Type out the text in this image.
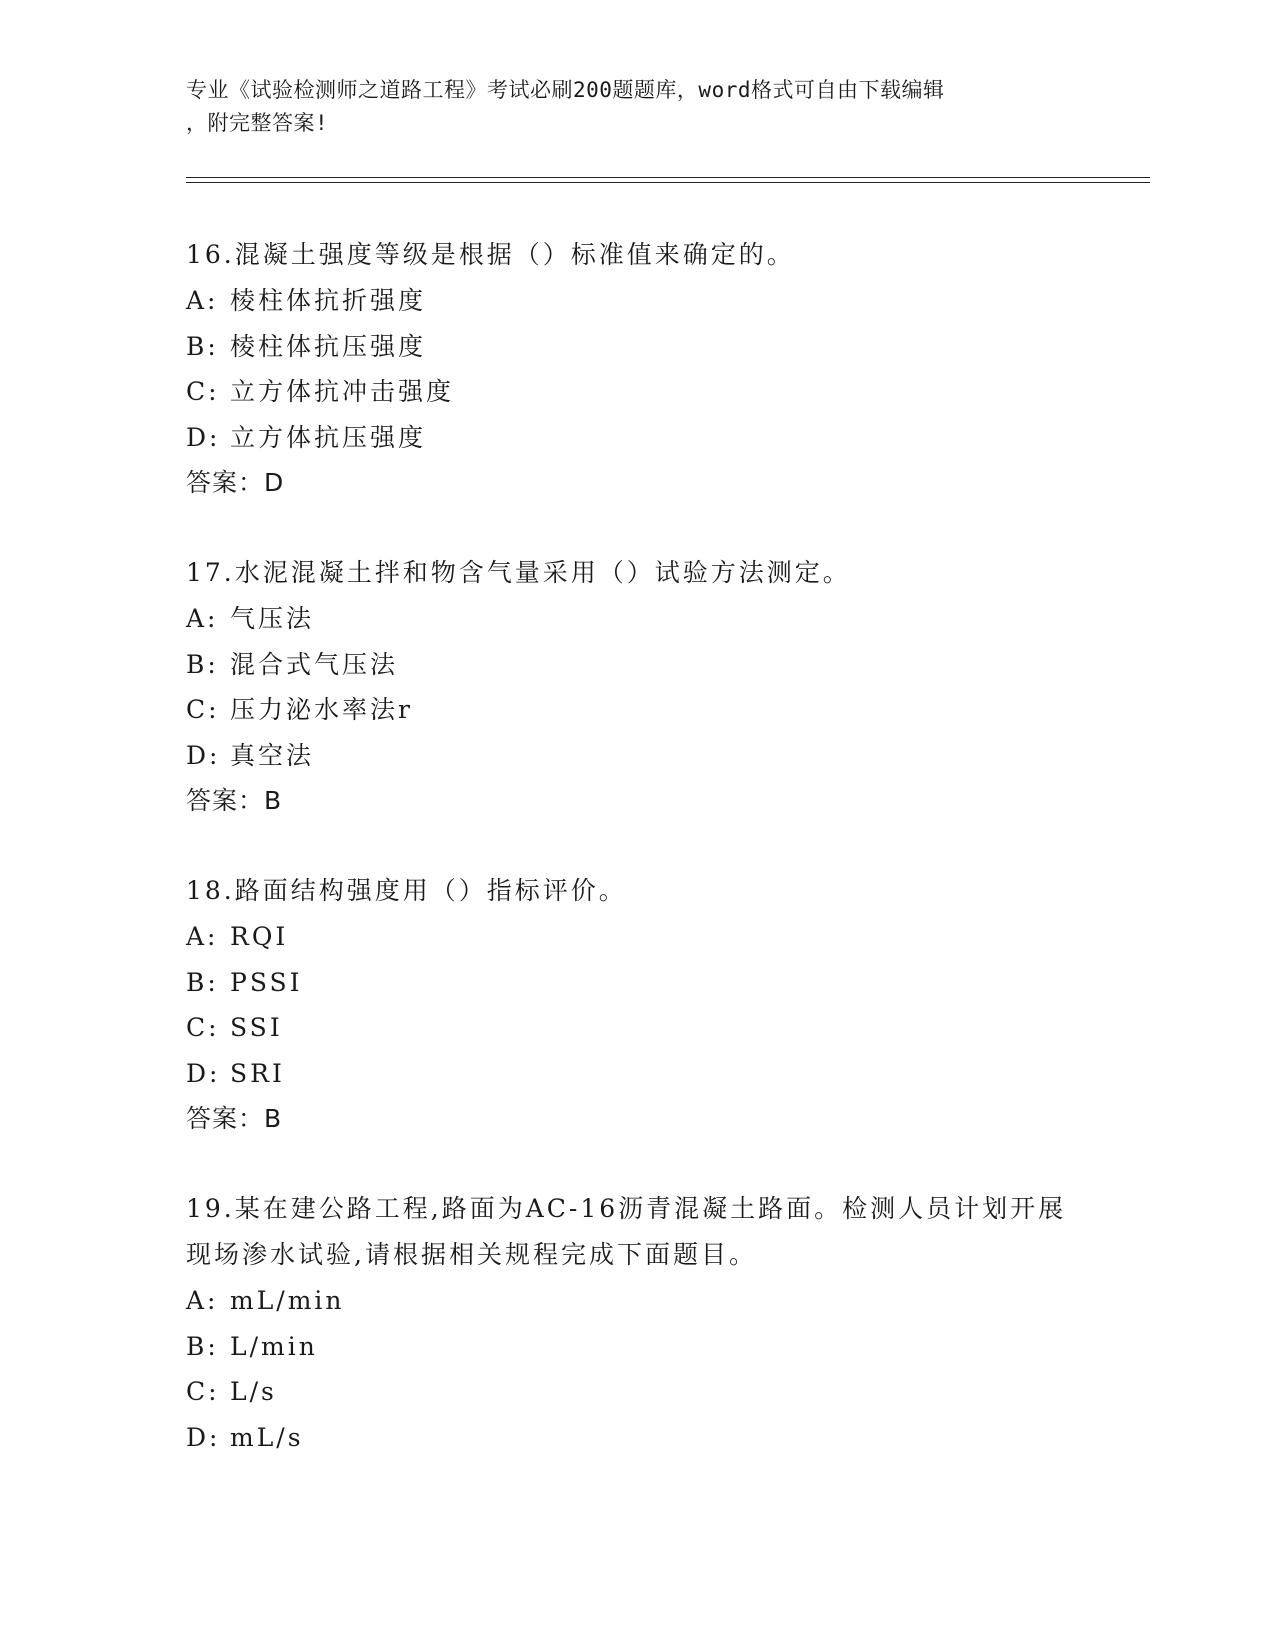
专业《试验检测师之道路工程》考试必刷200题题库，word格式可自由下载编辑
，附完整答案!

16.混凝土强度等级是根据（）标准值来确定的。

A: 棱柱体抗折强度

B: 棱柱体抗压强度

C: 立方体抗冲击强度

D: 立方体抗压强度

答案：D

17.水泥混凝土拌和物含气量采用（）试验方法测定。

A: 气压法

B: 混合式气压法

C: 压力泌水率法r

D: 真空法

答案：B

18.路面结构强度用（）指标评价。

A: RQI

B: PSSI

C: SSI

D: SRI

答案：B

19.某在建公路工程,路面为AC-16沥青混凝土路面。检测人员计划开展现场渗水试验,请根据相关规程完成下面题目。

A: mL/min

B: L/min

C: L/s

D: mL/s
